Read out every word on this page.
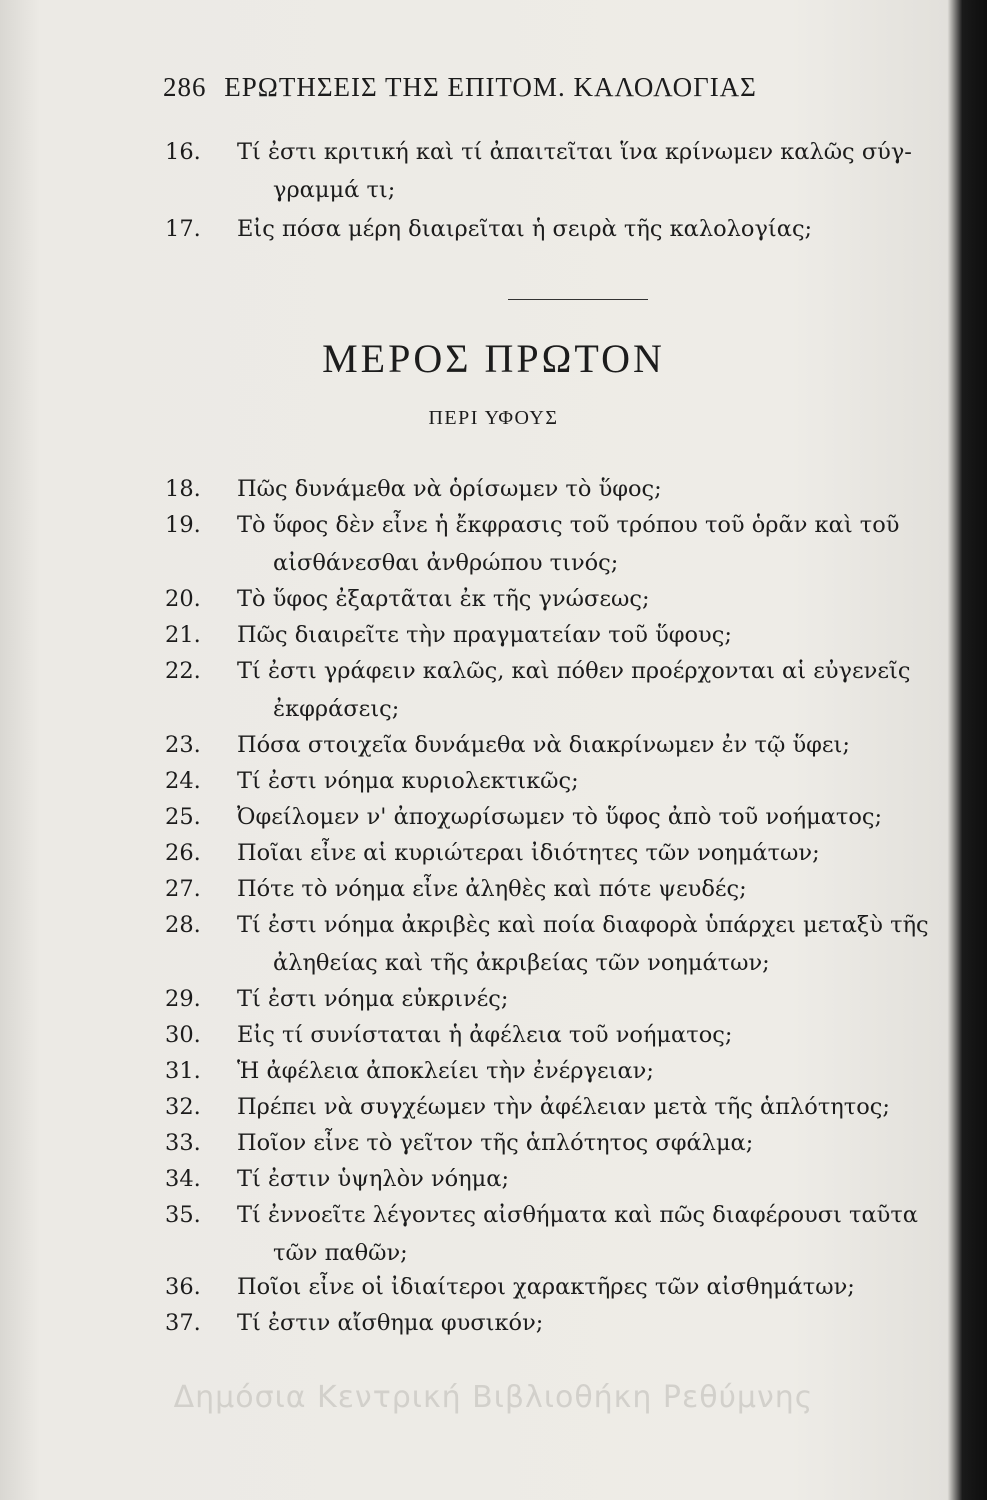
286 ΕΡΩΤΗΣΕΙΣ ΤΗΣ ΕΠΙΤΟΜ. ΚΑΛΟΛΟΓΙΑΣ
16. Τί ἐστι κριτική καὶ τί ἀπαιτεῖται ἵνα κρίνωμεν καλῶς σύγ-
γραμμά τι;
17. Εἰς πόσα μέρη διαιρεῖται ἡ σειρὰ τῆς καλολογίας;
ΜΕΡΟΣ ΠΡΩΤΟΝ
ΠΕΡΙ ΥΦΟΥΣ
18. Πῶς δυνάμεθα νὰ ὁρίσωμεν τὸ ὕφος;
19. Τὸ ὕφος δὲν εἶνε ἡ ἔκφρασις τοῦ τρόπου τοῦ ὁρᾶν καὶ τοῦ
αἰσθάνεσθαι ἀνθρώπου τινός;
20. Τὸ ὕφος ἐξαρτᾶται ἐκ τῆς γνώσεως;
21. Πῶς διαιρεῖτε τὴν πραγματείαν τοῦ ὕφους;
22. Τί ἐστι γράφειν καλῶς, καὶ πόθεν προέρχονται αἱ εὐγενεῖς
ἐκφράσεις;
23. Πόσα στοιχεῖα δυνάμεθα νὰ διακρίνωμεν ἐν τῷ ὕφει;
24. Τί ἐστι νόημα κυριολεκτικῶς;
25. Ὀφείλομεν ν' ἀποχωρίσωμεν τὸ ὕφος ἀπὸ τοῦ νοήματος;
26. Ποῖαι εἶνε αἱ κυριώτεραι ἰδιότητες τῶν νοημάτων;
27. Πότε τὸ νόημα εἶνε ἀληθὲς καὶ πότε ψευδές;
28. Τί ἐστι νόημα ἀκριβὲς καὶ ποία διαφορὰ ὑπάρχει μεταξὺ τῆς
ἀληθείας καὶ τῆς ἀκριβείας τῶν νοημάτων;
29. Τί ἐστι νόημα εὐκρινές;
30. Εἰς τί συνίσταται ἡ ἀφέλεια τοῦ νοήματος;
31. Ἡ ἀφέλεια ἀποκλείει τὴν ἐνέργειαν;
32. Πρέπει νὰ συγχέωμεν τὴν ἀφέλειαν μετὰ τῆς ἁπλότητος;
33. Ποῖον εἶνε τὸ γεῖτον τῆς ἁπλότητος σφάλμα;
34. Τί ἐστιν ὑψηλὸν νόημα;
35. Τί ἐννοεῖτε λέγοντες αἰσθήματα καὶ πῶς διαφέρουσι ταῦτα
τῶν παθῶν;
36. Ποῖοι εἶνε οἱ ἰδιαίτεροι χαρακτῆρες τῶν αἰσθημάτων;
37. Τί ἐστιν αἴσθημα φυσικόν;
Δημόσια Κεντρική Βιβλιοθήκη Ρεθύμνης
